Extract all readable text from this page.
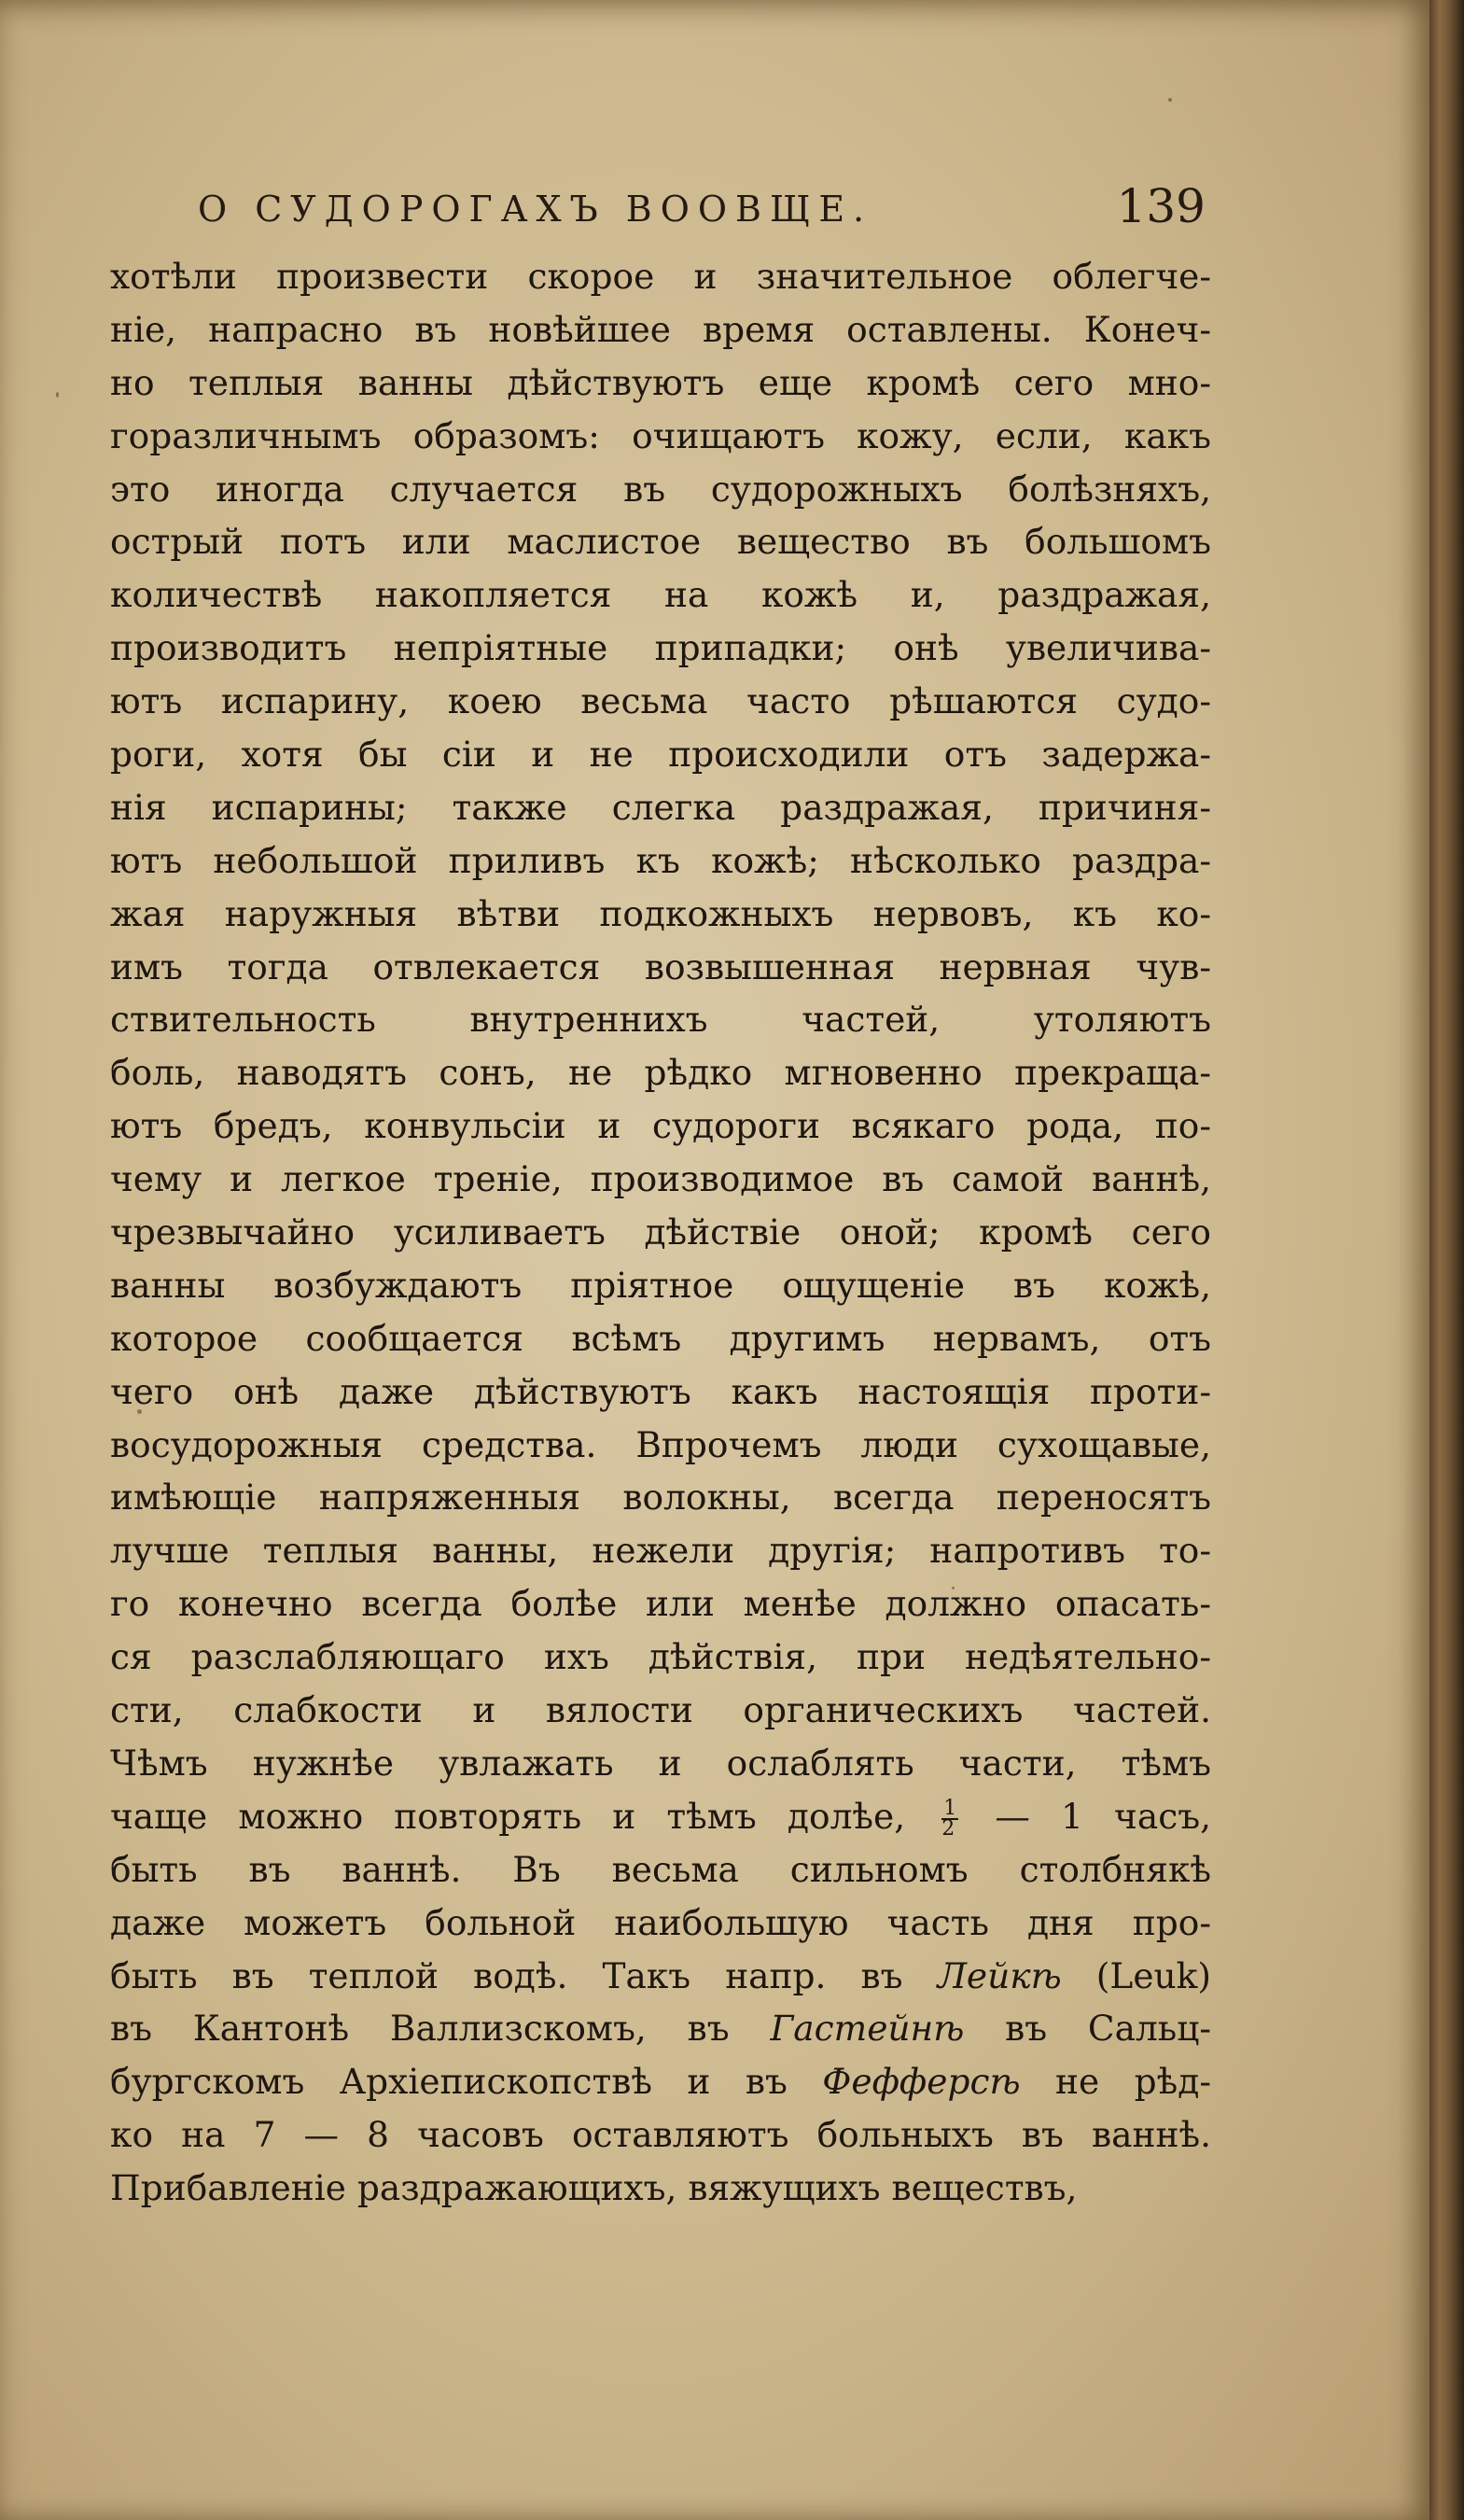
О СУДОРОГАХЪ ВООВЩЕ.	139
хотѣли произвести скорое и значительное облегче-
нiе, напрасно въ новѣйшее время оставлены. Конеч-
но теплыя ванны дѣйствуютъ еще кромѣ сего мно-
горазличнымъ образомъ: очищаютъ кожу, если, какъ
это иногда случается въ судорожныхъ болѣзняхъ,
острый потъ или маслистое вещество въ большомъ
количествѣ накопляется на кожѣ и, раздражая,
производитъ непрiятные припадки; онѣ увеличива-
ютъ испарину, коею весьма часто рѣшаются судо-
роги, хотя бы сiи и не происходили отъ задержа-
нiя испарины; также слегка раздражая, причиня-
ютъ небольшой приливъ къ кожѣ; нѣсколько раздра-
жая наружныя вѣтви подкожныхъ нервовъ, къ ко-
имъ тогда отвлекается возвышенная нервная чув-
ствительность внутреннихъ частей, утоляютъ
боль, наводятъ сонъ, не рѣдко мгновенно прекраща-
ютъ бредъ, конвульсiи и судороги всякаго рода, по-
чему и легкое тренiе, производимое въ самой ваннѣ,
чрезвычайно усиливаетъ дѣйствiе оной; кромѣ сего
ванны возбуждаютъ прiятное ощущенiе въ кожѣ,
которое сообщается всѣмъ другимъ нервамъ, отъ
чего онѣ даже дѣйствуютъ какъ настоящiя проти-
восудорожныя средства. Впрочемъ люди сухощавые,
имѣющiе напряженныя волокны, всегда переносятъ
лучше теплыя ванны, нежели другiя; напротивъ то-
го конечно всегда болѣе или менѣе должно опасать-
ся разслабляющаго ихъ дѣйствiя, при недѣятельно-
сти, слабкости и вялости органическихъ частей.
Чѣмъ нужнѣе увлажать и ослаблять части, тѣмъ
чаще можно повторять и тѣмъ долѣе, $\frac{1}{2}$ — 1 часъ,
быть въ ваннѣ. Въ весьма сильномъ столбнякѣ
даже можетъ больной наибольшую часть дня про-
быть въ теплой водѣ. Такъ напр. въ Лейкѣ (Leuk)
въ Кантонѣ Валлизскомъ, въ Гастейнѣ въ Сальц-
бургскомъ Архiепископствѣ и въ Фефферсѣ не рѣд-
ко на 7 — 8 часовъ оставляютъ больныхъ въ ваннѣ.
Прибавленiе раздражающихъ, вяжущихъ веществъ,
